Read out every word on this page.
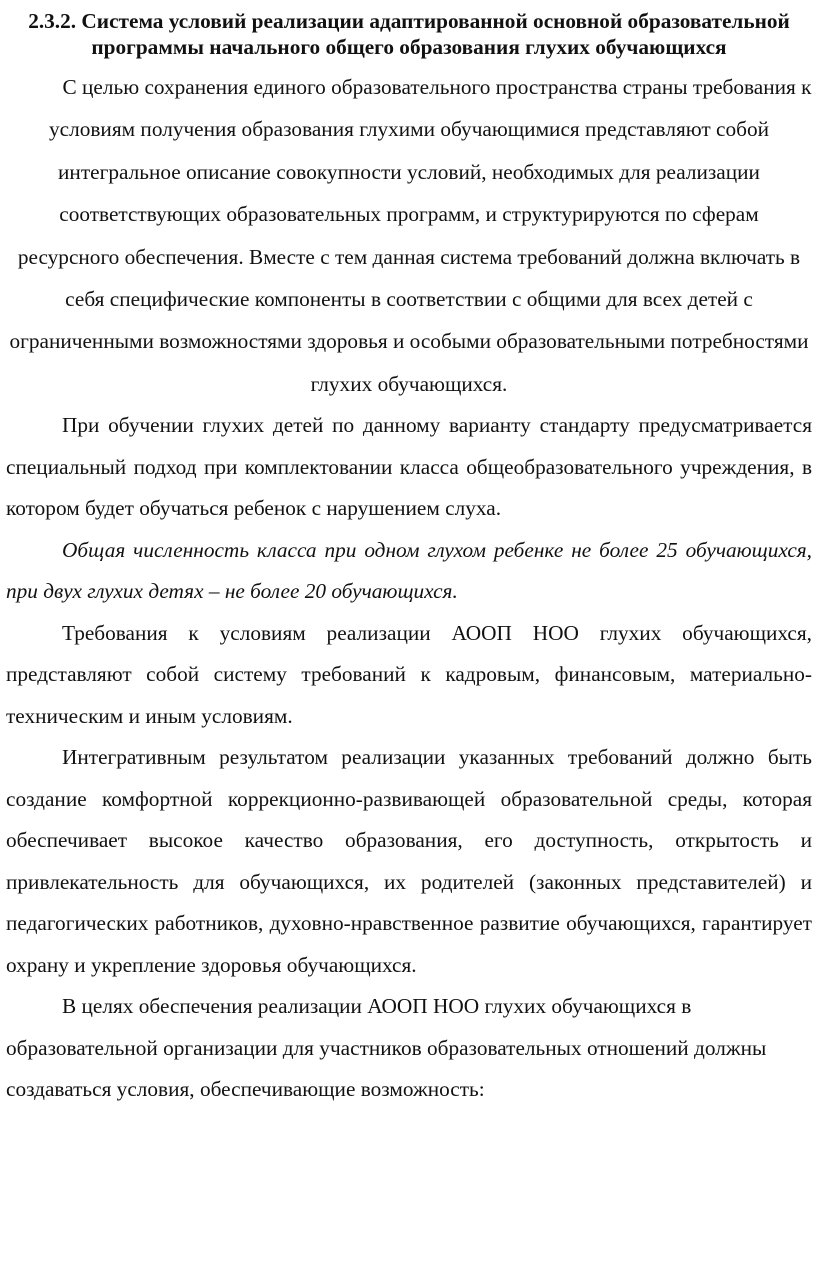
2.3.2. Система условий реализации адаптированной основной образовательной программы начального общего образования глухих обучающихся

С целью сохранения единого образовательного пространства страны требования к условиям получения образования глухими обучающимися представляют собой интегральное описание совокупности условий, необходимых для реализации соответствующих образовательных программ, и структурируются по сферам ресурсного обеспечения. Вместе с тем данная система требований должна включать в себя специфические компоненты в соответствии с общими для всех детей с ограниченными возможностями здоровья и особыми образовательными потребностями глухих обучающихся.

При обучении глухих детей по данному варианту стандарту предусматривается специальный подход при комплектовании класса общеобразовательного учреждения, в котором будет обучаться ребенок с нарушением слуха.

Общая численность класса при одном глухом ребенке не более 25 обучающихся, при двух глухих детях – не более 20 обучающихся.

Требования к условиям реализации АООП НОО глухих обучающихся, представляют собой систему требований к кадровым, финансовым, материально-техническим и иным условиям.

Интегративным результатом реализации указанных требований должно быть создание комфортной коррекционно-развивающей образовательной среды, которая обеспечивает высокое качество образования, его доступность, открытость и привлекательность для обучающихся, их родителей (законных представителей) и педагогических работников, духовно-нравственное развитие обучающихся, гарантирует охрану и укрепление здоровья обучающихся.

В целях обеспечения реализации АООП НОО глухих обучающихся в образовательной организации для участников образовательных отношений должны создаваться условия, обеспечивающие возможность:
